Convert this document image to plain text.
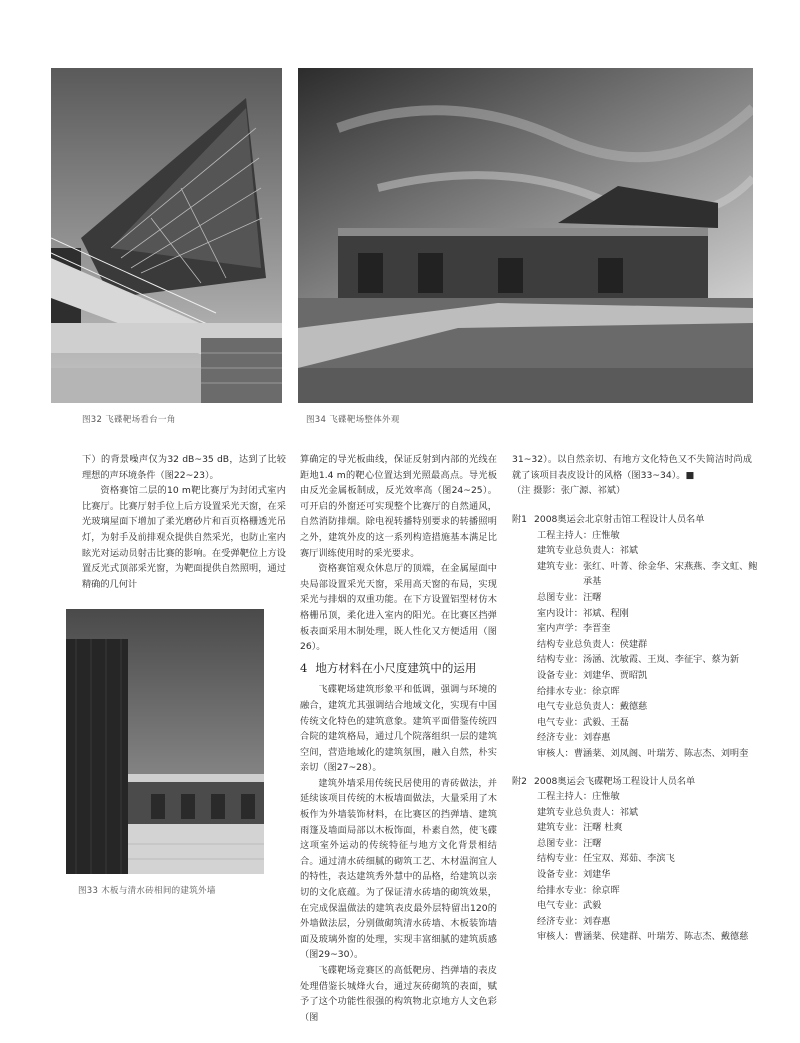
图32 飞碟靶场看台一角	图34 飞碟靶场整体外观
图33 木板与清水砖相间的建筑外墙

下）的背景噪声仅为32 dB~35 dB，达到了比较理想的声环境条件（图22~23）。

资格赛馆二层的10 m靶比赛厅为封闭式室内比赛厅。比赛厅射手位上后方设置采光天窗，在采光玻璃屋面下增加了柔光磨砂片和百页格栅透光吊灯，为射手及前排观众提供自然采光，也防止室内眩光对运动员射击比赛的影响。在受弹靶位上方设置反光式顶部采光窗，为靶面提供自然照明，通过精确的几何计

算确定的导光板曲线，保证反射到内部的光线在距地1.4 m的靶心位置达到光照最高点。导光板由反光金属板制成，反光效率高（图24~25）。可开启的外窗还可实现整个比赛厅的自然通风，自然消防排烟。除电视转播特别要求的转播照明之外，建筑外皮的这一系列构造措施基本满足比赛厅训练使用时的采光要求。

资格赛馆观众休息厅的顶端，在金属屋面中央局部设置采光天窗，采用高天窗的布局，实现采光与排烟的双重功能。在下方设置铝型材仿木格栅吊顶，柔化进入室内的阳光。在比赛区挡弹板表面采用木制处理，既人性化又方便适用（图26）。

4 地方材料在小尺度建筑中的运用

飞碟靶场建筑形象平和低调，强调与环境的融合，建筑尤其强调结合地域文化，实现有中国传统文化特色的建筑意象。建筑平面借鉴传统四合院的建筑格局，通过几个院落组织一层的建筑空间，营造地域化的建筑氛围，融入自然，朴实亲切（图27~28）。

建筑外墙采用传统民居使用的青砖做法，并延续该项目传统的木板墙面做法，大量采用了木板作为外墙装饰材料，在比赛区的挡弹墙、建筑雨篷及墙面局部以木板饰面，朴素自然，使飞碟这项室外运动的传统特征与地方文化背景相结合。通过清水砖细腻的砌筑工艺、木材温润宜人的特性，表达建筑秀外慧中的品格，给建筑以亲切的文化底蕴。为了保证清水砖墙的砌筑效果，在完成保温做法的建筑表皮最外层特留出120的外墙做法层，分别做砌筑清水砖墙、木板装饰墙面及玻璃外窗的处理，实现丰富细腻的建筑质感（图29~30）。

飞碟靶场竞赛区的高低靶房、挡弹墙的表皮处理借鉴长城烽火台，通过灰砖砌筑的表面，赋予了这个功能性很强的构筑物北京地方人文色彩（图

31~32）。以自然亲切、有地方文化特色又不失简洁时尚成就了该项目表皮设计的风格（图33~34）。■

（注 摄影：张广源、祁斌）

附1 2008奥运会北京射击馆工程设计人员名单
工程主持人： 庄惟敏
建筑专业总负责人： 祁斌
建筑专业： 张红、叶菁、徐金华、宋燕燕、李文虹、鲍承基
总图专业： 汪曙
室内设计： 祁斌、程刚
室内声学： 李晋奎
结构专业总负责人： 侯建群
结构专业： 汤涵、沈敏霞、王岚、李征宇、蔡为新
设备专业： 刘建华、贾昭凯
给排水专业： 徐京晖
电气专业总负责人： 戴德慈
电气专业： 武毅、王磊
经济专业： 刘春惠
审核人： 曹涵棻、刘凤阁、叶瑞芳、陈志杰、刘明奎
附2 2008奥运会飞碟靶场工程设计人员名单
工程主持人： 庄惟敏
建筑专业总负责人： 祁斌
建筑专业： 汪曙 杜爽
总图专业： 汪曙
结构专业： 任宝双、郑茹、李滨飞
设备专业： 刘建华
给排水专业： 徐京晖
电气专业： 武毅
经济专业： 刘春惠
审核人： 曹涵棻、侯建群、叶瑞芳、陈志杰、戴德慈
